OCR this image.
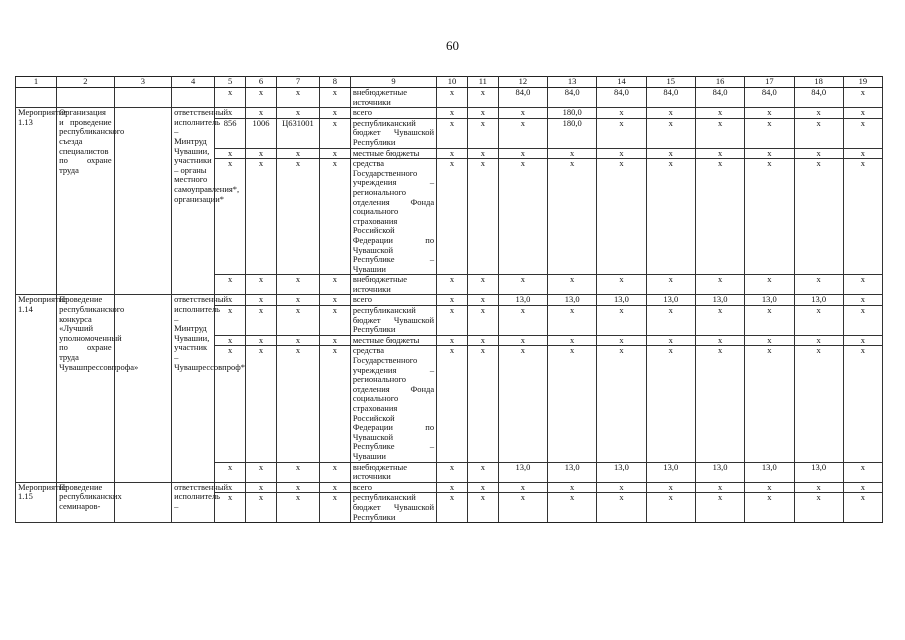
60
1	2	3	4	5	6	7	8	9	10	11	12	13	14	15	16	17	18	19
				x	x	x	x	внебюджетные источники	x	x	84,0	84,0	84,0	84,0	84,0	84,0	84,0	x
Мероприятие 1.13	Организация и проведение республиканского съезда специалистов по охране труда		ответственный исполнитель – Минтруд Чувашии, участники – органы местного самоуправления*, организации*	x	x	x	x	всего	x	x	x	180,0	x	x	x	x	x	x
				856	1006	Ц631001	x	республиканский бюджет Чувашской Республики	x	x	x	180,0	x	x	x	x	x	x
				x	x	x	x	местные бюджеты	x	x	x	x	x	x	x	x	x	x
				x	x	x	x	средства Государственного учреждения – регионального отделения Фонда социального страхования Российской Федерации по Чувашской Республике – Чувашии	x	x	x	x	x	x	x	x	x	x
				x	x	x	x	внебюджетные источники	x	x	x	x	x	x	x	x	x	x
Мероприятие 1.14	Проведение республиканского конкурса «Лучший уполномоченный по охране труда Чувашпрессовпрофа»		ответственный исполнитель – Минтруд Чувашии, участник – Чувашрессовпроф*	x	x	x	x	всего	x	x	13,0	13,0	13,0	13,0	13,0	13,0	13,0	x
				x	x	x	x	республиканский бюджет Чувашской Республики	x	x	x	x	x	x	x	x	x	x
				x	x	x	x	местные бюджеты	x	x	x	x	x	x	x	x	x	x
				x	x	x	x	средства Государственного учреждения – регионального отделения Фонда социального страхования Российской Федерации по Чувашской Республике – Чувашии	x	x	x	x	x	x	x	x	x	x
				x	x	x	x	внебюджетные источники	x	x	13,0	13,0	13,0	13,0	13,0	13,0	13,0	x
Мероприятие 1.15	Проведение республиканских семинаров-		ответственный исполнитель –	x	x	x	x	всего	x	x	x	x	x	x	x	x	x	x
				x	x	x	x	республиканский бюджет Чувашской Республики	x	x	x	x	x	x	x	x	x	x
